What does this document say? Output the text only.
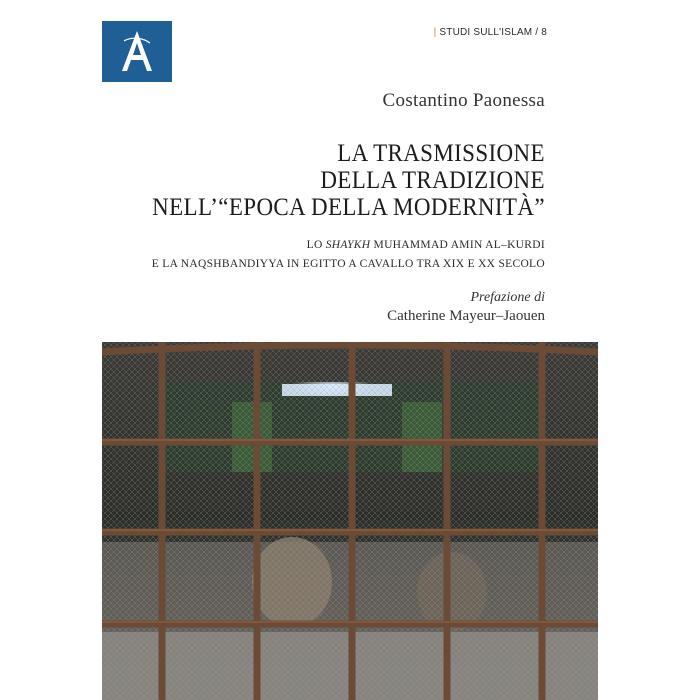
| STUDI SULL'ISLAM / 8
Costantino Paonessa
LA TRASMISSIONE
DELLA TRADIZIONE
NELL’“EPOCA DELLA MODERNITÀ”
LO SHAYKH MUHAMMAD AMIN AL–KURDI
E LA NAQSHBANDIYYA IN EGITTO A CAVALLO TRA XIX E XX SECOLO
Prefazione di
Catherine Mayeur–Jaouen
